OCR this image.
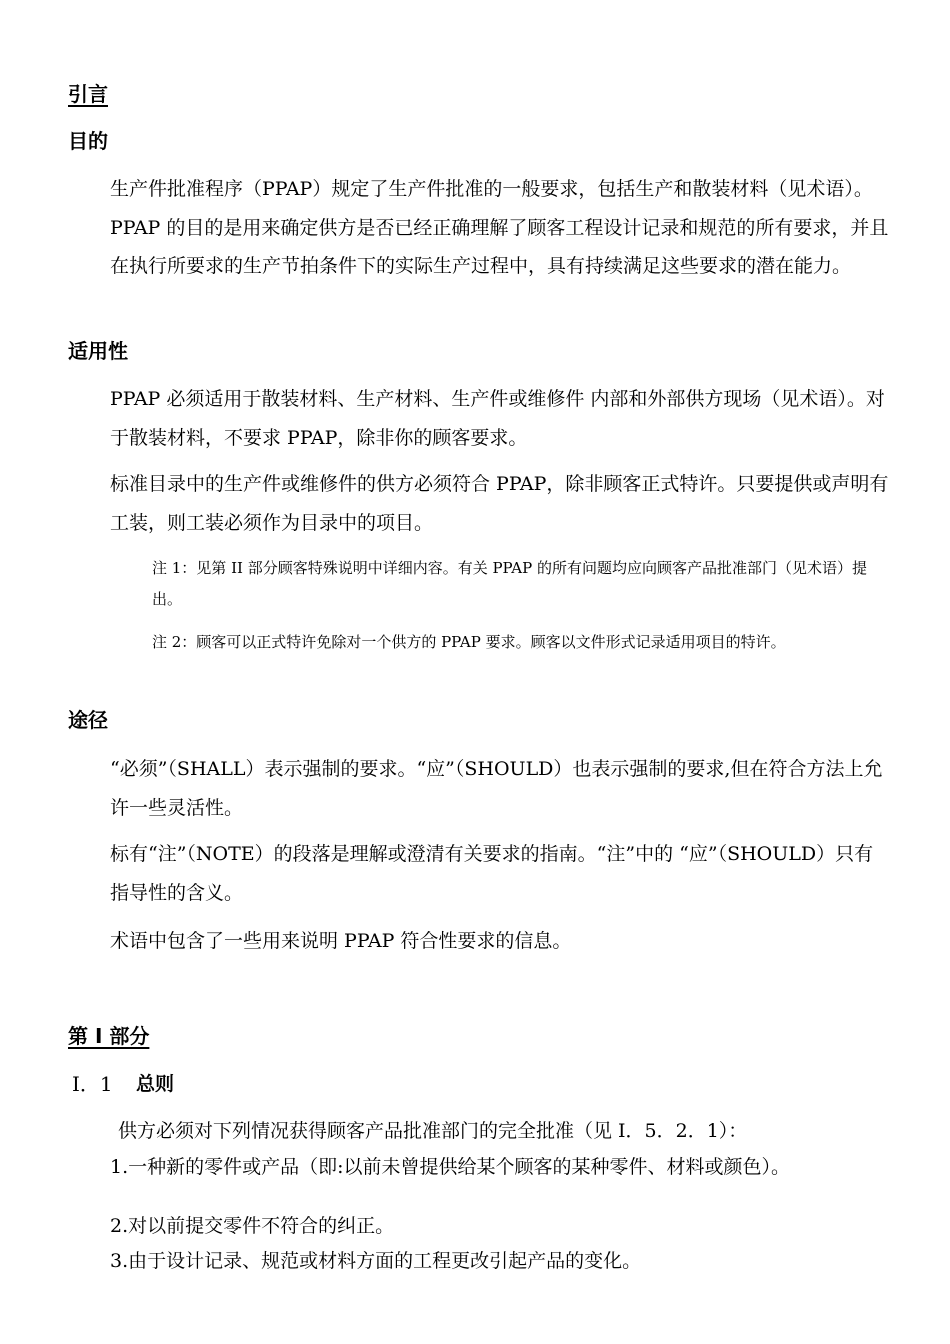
引言
目的

生产件批准程序（PPAP）规定了生产件批准的一般要求，包括生产和散装材料（见术语）。PPAP 的目的是用来确定供方是否已经正确理解了顾客工程设计记录和规范的所有要求，并且在执行所要求的生产节拍条件下的实际生产过程中，具有持续满足这些要求的潜在能力。

适用性

PPAP 必须适用于散装材料、生产材料、生产件或维修件 内部和外部供方现场（见术语）。对于散装材料，不要求 PPAP，除非你的顾客要求。

标准目录中的生产件或维修件的供方必须符合 PPAP，除非顾客正式特许。只要提供或声明有工装，则工装必须作为目录中的项目。

注 1：见第 II 部分顾客特殊说明中详细内容。有关 PPAP 的所有问题均应向顾客产品批准部门（见术语）提出。

注 2：顾客可以正式特许免除对一个供方的 PPAP 要求。顾客以文件形式记录适用项目的特许。

途径

“必须”（SHALL）表示强制的要求。“应”（SHOULD）也表示强制的要求,但在符合方法上允许一些灵活性。

标有“注”（NOTE）的段落是理解或澄清有关要求的指南。“注”中的 “应”（SHOULD）只有指导性的含义。

术语中包含了一些用来说明 PPAP 符合性要求的信息。

第 I 部分
I．1 总则

供方必须对下列情况获得顾客产品批准部门的完全批准（见 I．5．2．1）：

1.一种新的零件或产品（即:以前未曾提供给某个顾客的某种零件、材料或颜色）。

2.对以前提交零件不符合的纠正。

3.由于设计记录、规范或材料方面的工程更改引起产品的变化。
